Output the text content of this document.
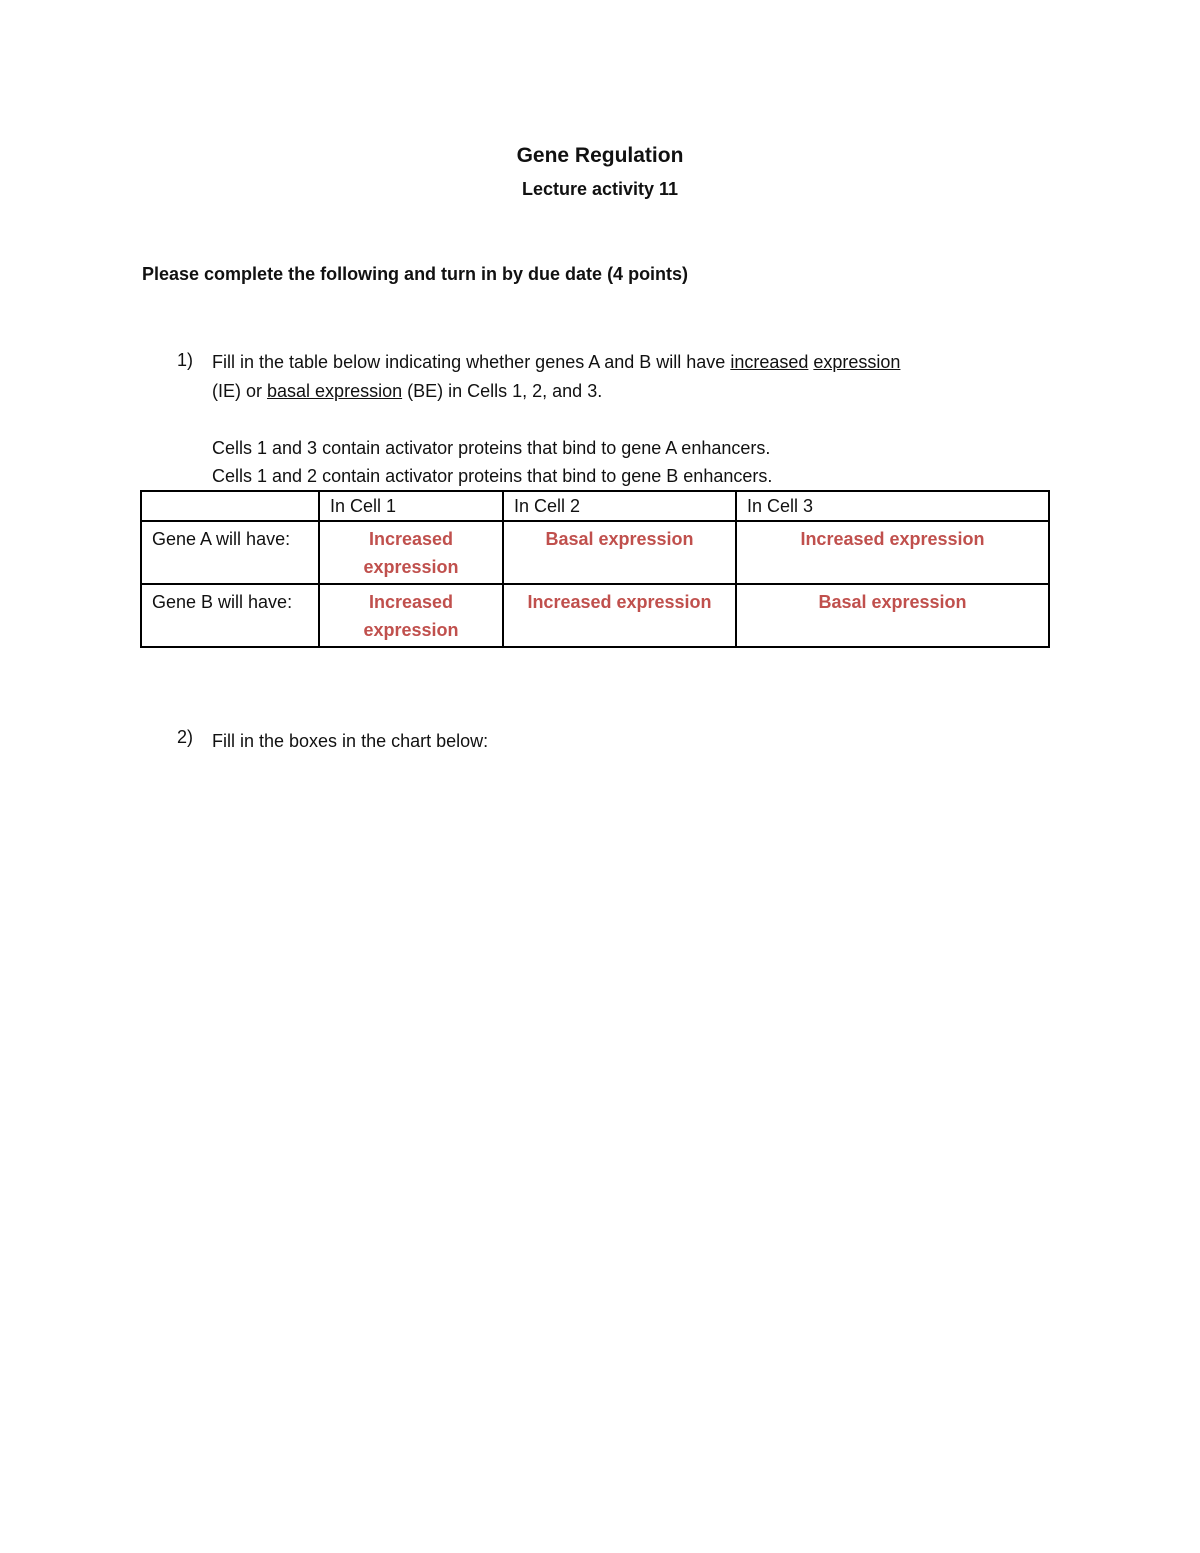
Gene Regulation
Lecture activity 11
Please complete the following and turn in by due date (4 points)
1) Fill in the table below indicating whether genes A and B will have increased expression
(IE) or basal expression (BE) in Cells 1, 2, and 3.
Cells 1 and 3 contain activator proteins that bind to gene A enhancers.
Cells 1 and 2 contain activator proteins that bind to gene B enhancers.
	In Cell 1	In Cell 2	In Cell 3
Gene A will have:	Increased expression	Basal expression	Increased expression
Gene B will have:	Increased expression	Increased expression	Basal expression
2) Fill in the boxes in the chart below:
